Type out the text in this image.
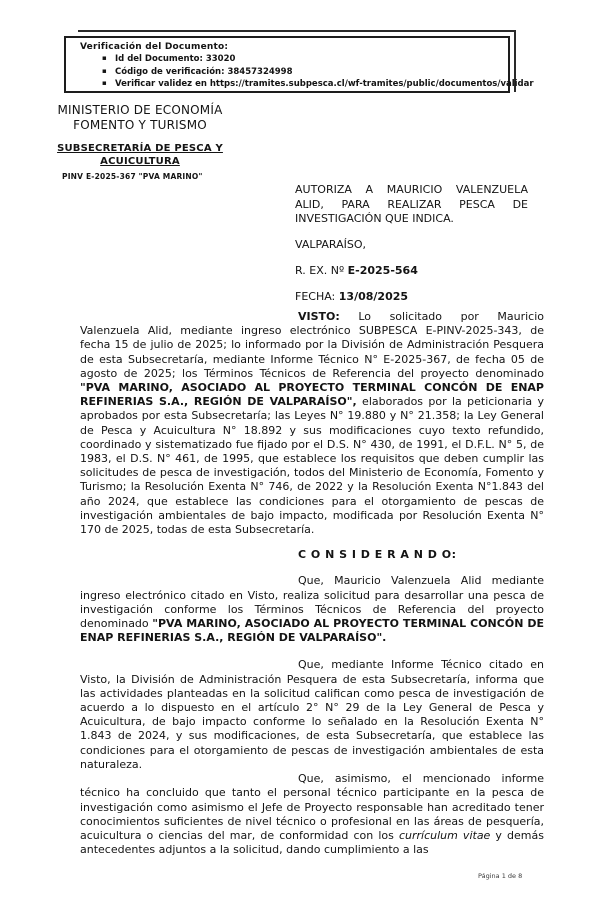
Verificación del Documento:
▪ Id del Documento: 33020
▪ Código de verificación: 38457324998
▪ Verificar validez en https://tramites.subpesca.cl/wf-tramites/public/documentos/validar
MINISTERIO DE ECONOMÍA
FOMENTO Y TURISMO
SUBSECRETARÍA DE PESCA Y
ACUICULTURA
PINV E-2025-367 "PVA MARINO"
AUTORIZA A MAURICIO VALENZUELA ALID, PARA REALIZAR PESCA DE INVESTIGACIÓN QUE INDICA.
VALPARAÍSO,
R. EX. Nº E-2025-564
FECHA: 13/08/2025

VISTO: Lo solicitado por Mauricio Valenzuela Alid, mediante ingreso electrónico SUBPESCA E-PINV-2025-343, de fecha 15 de julio de 2025; lo informado por la División de Administración Pesquera de esta Subsecretaría, mediante Informe Técnico N° E-2025-367, de fecha 05 de agosto de 2025; los Términos Técnicos de Referencia del proyecto denominado "PVA MARINO, ASOCIADO AL PROYECTO TERMINAL CONCÓN DE ENAP REFINERIAS S.A., REGIÓN DE VALPARAÍSO", elaborados por la peticionaria y aprobados por esta Subsecretaría; las Leyes N° 19.880 y N° 21.358; la Ley General de Pesca y Acuicultura N° 18.892 y sus modificaciones cuyo texto refundido, coordinado y sistematizado fue fijado por el D.S. N° 430, de 1991, el D.F.L. N° 5, de 1983, el D.S. N° 461, de 1995, que establece los requisitos que deben cumplir las solicitudes de pesca de investigación, todos del Ministerio de Economía, Fomento y Turismo; la Resolución Exenta N° 746, de 2022 y la Resolución Exenta N°1.843 del año 2024, que establece las condiciones para el otorgamiento de pescas de investigación ambientales de bajo impacto, modificada por Resolución Exenta N° 170 de 2025, todas de esta Subsecretaría.

C O N S I D E R A N D O:

Que, Mauricio Valenzuela Alid mediante ingreso electrónico citado en Visto, realiza solicitud para desarrollar una pesca de investigación conforme los Términos Técnicos de Referencia del proyecto denominado "PVA MARINO, ASOCIADO AL PROYECTO TERMINAL CONCÓN DE ENAP REFINERIAS S.A., REGIÓN DE VALPARAÍSO".

Que, mediante Informe Técnico citado en Visto, la División de Administración Pesquera de esta Subsecretaría, informa que las actividades planteadas en la solicitud califican como pesca de investigación de acuerdo a lo dispuesto en el artículo 2° N° 29 de la Ley General de Pesca y Acuicultura, de bajo impacto conforme lo señalado en la Resolución Exenta N° 1.843 de 2024, y sus modificaciones, de esta Subsecretaría, que establece las condiciones para el otorgamiento de pescas de investigación ambientales de esta naturaleza.

Que, asimismo, el mencionado informe técnico ha concluido que tanto el personal técnico participante en la pesca de investigación como asimismo el Jefe de Proyecto responsable han acreditado tener conocimientos suficientes de nivel técnico o profesional en las áreas de pesquería, acuicultura o ciencias del mar, de conformidad con los currículum vitae y demás antecedentes adjuntos a la solicitud, dando cumplimiento a las

Página 1 de 8
